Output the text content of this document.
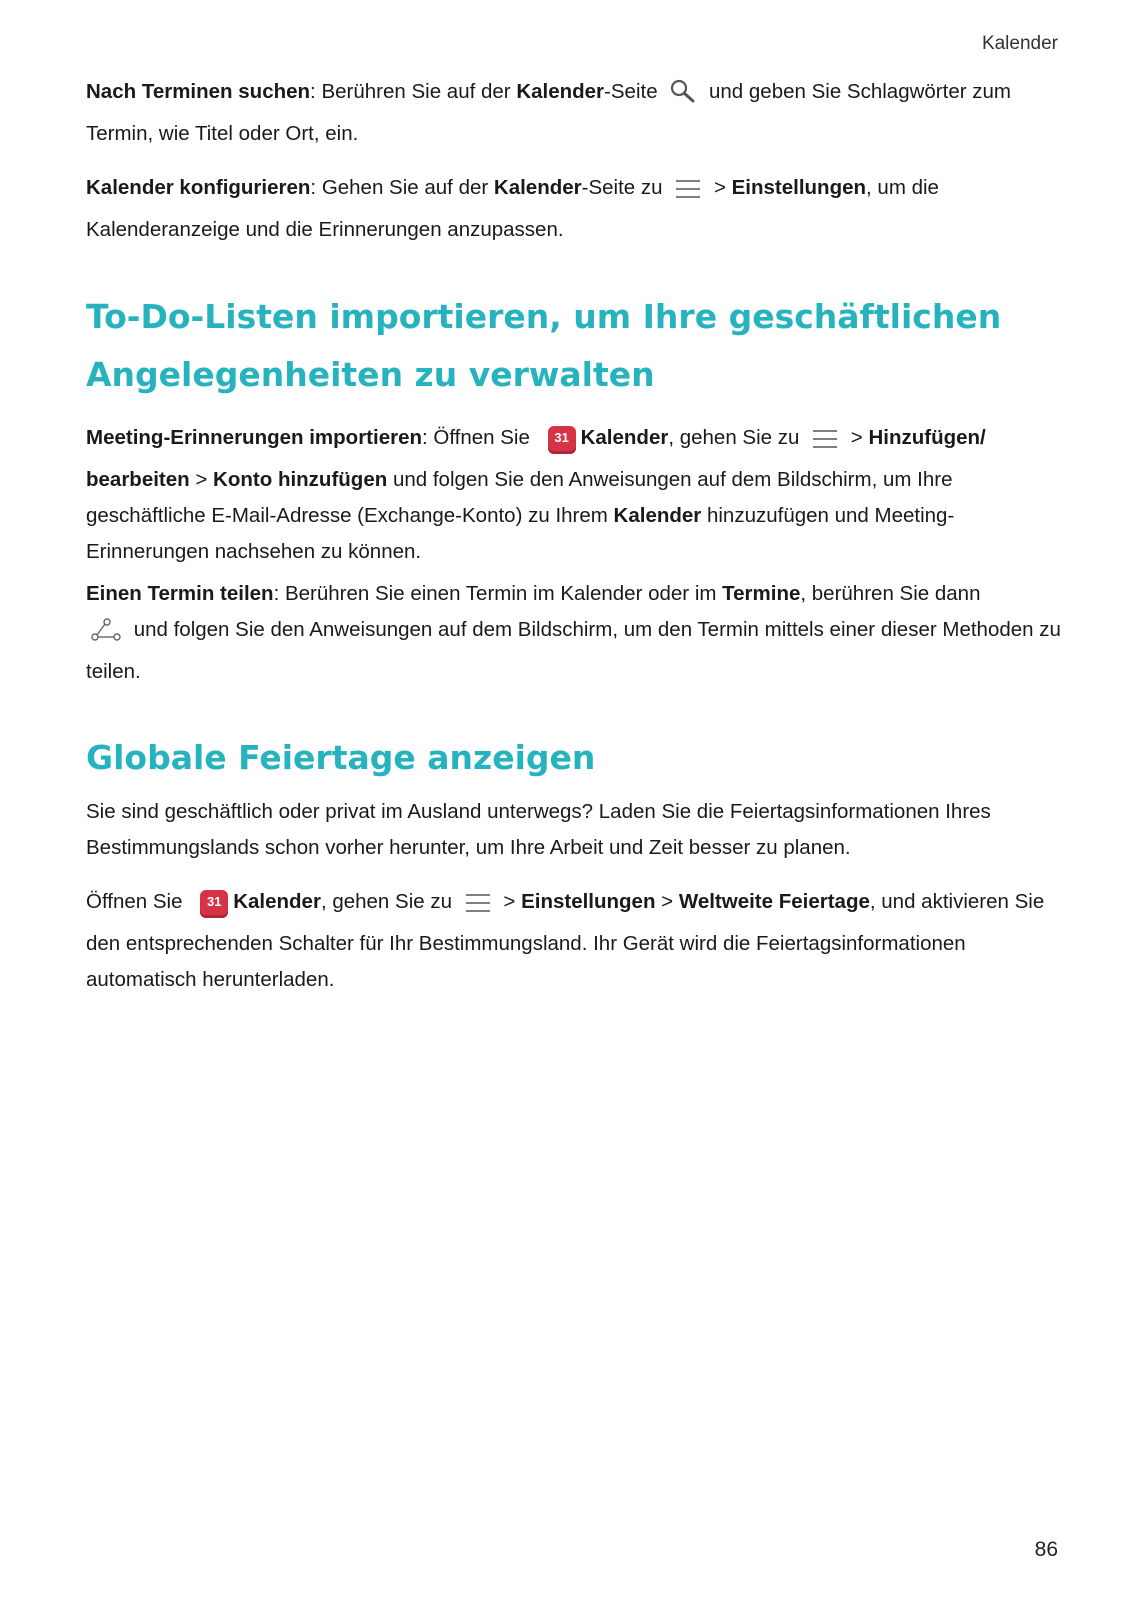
Kalender

Nach Terminen suchen: Berühren Sie auf der Kalender-Seite  und geben Sie Schlagwörter zum Termin, wie Titel oder Ort, ein.

Kalender konfigurieren: Gehen Sie auf der Kalender-Seite zu  > Einstellungen, um die Kalenderanzeige und die Erinnerungen anzupassen.

To-Do-Listen importieren, um Ihre geschäftlichen Angelegenheiten zu verwalten

Meeting-Erinnerungen importieren: Öffnen Sie 31 Kalender, gehen Sie zu  > Hinzufügen/ bearbeiten > Konto hinzufügen und folgen Sie den Anweisungen auf dem Bildschirm, um Ihre geschäftliche E-Mail-Adresse (Exchange-Konto) zu Ihrem Kalender hinzuzufügen und Meeting-Erinnerungen nachsehen zu können.

Einen Termin teilen: Berühren Sie einen Termin im Kalender oder im Termine, berühren Sie dann
und folgen Sie den Anweisungen auf dem Bildschirm, um den Termin mittels einer dieser Methoden zu teilen.

Globale Feiertage anzeigen

Sie sind geschäftlich oder privat im Ausland unterwegs? Laden Sie die Feiertagsinformationen Ihres Bestimmungslands schon vorher herunter, um Ihre Arbeit und Zeit besser zu planen.

Öffnen Sie 31 Kalender, gehen Sie zu  > Einstellungen > Weltweite Feiertage, und aktivieren Sie den entsprechenden Schalter für Ihr Bestimmungsland. Ihr Gerät wird die Feiertagsinformationen automatisch herunterladen.

86
